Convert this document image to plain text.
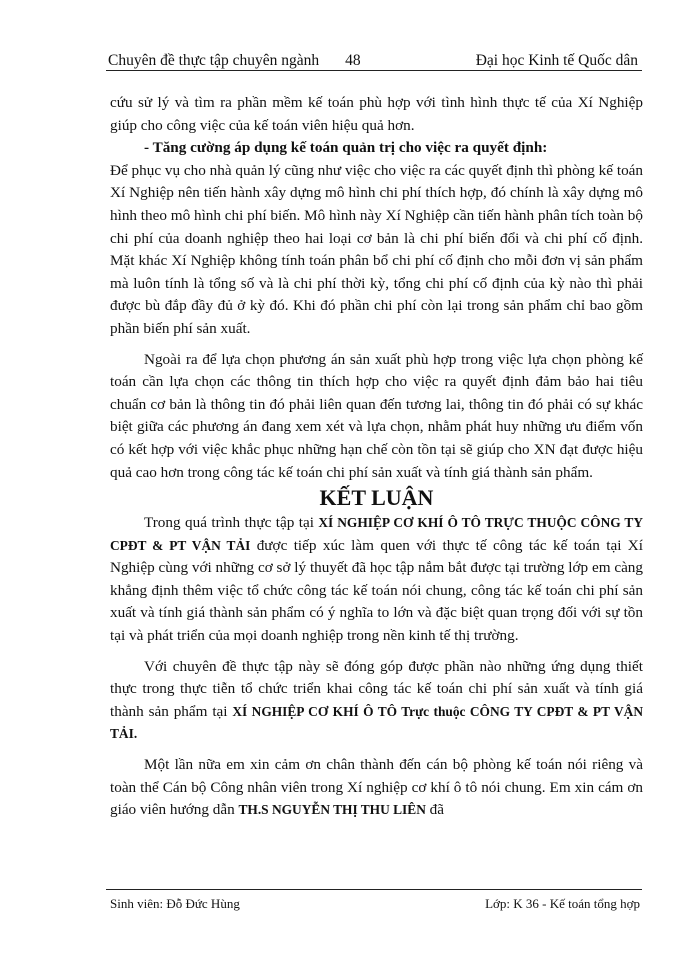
Chuyên đề thực tập chuyên ngành 48	Đại học Kinh tế Quốc dân

cứu sử lý và tìm ra phần mềm kế toán phù hợp với tình hình thực tế của Xí Nghiệp giúp cho công việc của kế toán viên hiệu quả hơn.

- Tăng cường áp dụng kế toán quản trị cho việc ra quyết định:

Để phục vụ cho nhà quản lý cũng như việc cho việc ra các quyết định thì phòng kế toán Xí Nghiệp nên tiến hành xây dựng mô hình chi phí thích hợp, đó chính là xây dựng mô hình theo mô hình chi phí biến. Mô hình này Xí Nghiệp cần tiến hành phân tích toàn bộ chi phí của doanh nghiệp theo hai loại cơ bản là chi phí biến đổi và chi phí cố định. Mặt khác Xí Nghiệp không tính toán phân bổ chi phí cố định cho mỗi đơn vị sản phẩm mà luôn tính là tổng số và là chi phí thời kỳ, tổng chi phí cố định của kỳ nào thì phải được bù đắp đầy đủ ở kỳ đó. Khi đó phần chi phí còn lại trong sản phẩm chỉ bao gồm phần biến phí sản xuất.

Ngoài ra để lựa chọn phương án sản xuất phù hợp trong việc lựa chọn phòng kế toán cần lựa chọn các thông tin thích hợp cho việc ra quyết định đảm bảo hai tiêu chuẩn cơ bản là thông tin đó phải liên quan đến tương lai, thông tin đó phải có sự khác biệt giữa các phương án đang xem xét và lựa chọn, nhằm phát huy những ưu điểm vốn có kết hợp với việc khắc phục những hạn chế còn tồn tại sẽ giúp cho XN đạt được hiệu quả cao hơn trong công tác kế toán chi phí sản xuất và tính giá thành sản phẩm.

KẾT LUẬN

Trong quá trình thực tập tại XÍ NGHIỆP CƠ KHÍ Ô TÔ TRỰC THUỘC CÔNG TY CPĐT & PT VẬN TẢI được tiếp xúc làm quen với thực tế công tác kế toán tại Xí Nghiệp cùng với những cơ sở lý thuyết đã học tập nắm bắt được tại trường lớp em càng khẳng định thêm việc tổ chức công tác kế toán nói chung, công tác kế toán chi phí sản xuất và tính giá thành sản phẩm có ý nghĩa to lớn và đặc biệt quan trọng đối với sự tồn tại và phát triển của mọi doanh nghiệp trong nền kinh tế thị trường.

Với chuyên đề thực tập này sẽ đóng góp được phần nào những ứng dụng thiết thực trong thực tiễn tổ chức triển khai công tác kế toán chi phí sản xuất và tính giá thành sản phẩm tại XÍ NGHIỆP CƠ KHÍ Ô TÔ Trực thuộc CÔNG TY CPĐT & PT VẬN TẢI.

Một lần nữa em xin cảm ơn chân thành đến cán bộ phòng kế toán nói riêng và toàn thể Cán bộ Công nhân viên trong Xí nghiệp cơ khí ô tô nói chung. Em xin cám ơn giáo viên hướng dẫn TH.S NGUYỄN THỊ THU LIÊN đã

Sinh viên: Đỗ Đức Hùng	Lớp: K 36 - Kế toán tổng hợp
